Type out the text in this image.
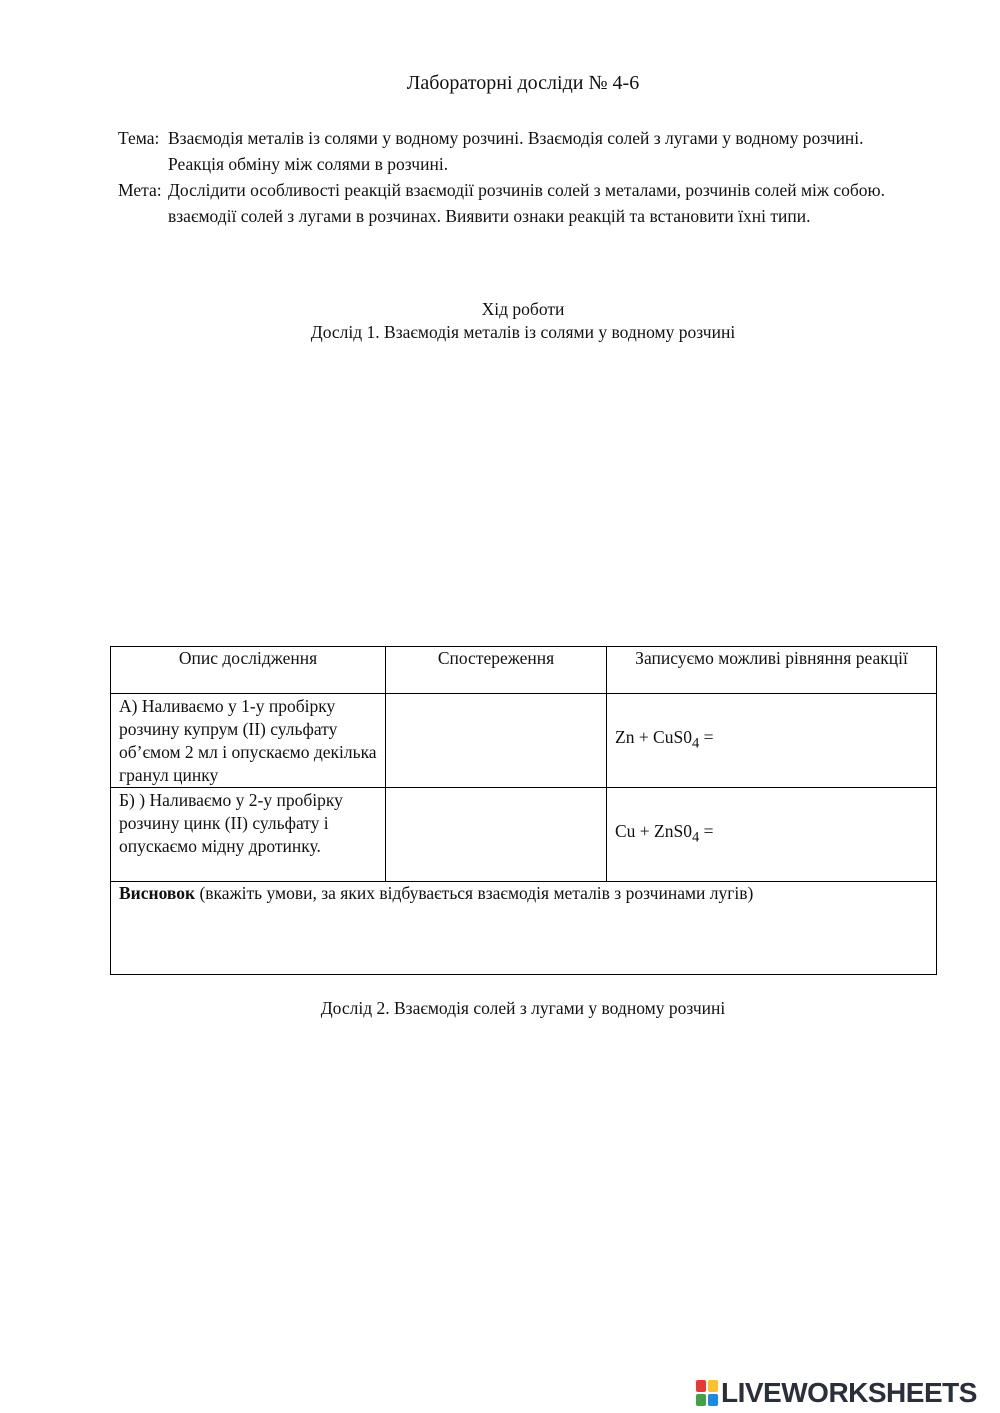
Лабораторні досліди № 4-6
Тема: Взаємодія металів із солями у водному розчині. Взаємодія солей з лугами у водному розчині. Реакція обміну між солями в розчині.
Мета: Дослідити особливості реакцій взаємодії розчинів солей з металами, розчинів солей між собою. взаємодії солей з лугами в розчинах. Виявити ознаки реакцій та встановити їхні типи.
Хід роботи
Дослід 1. Взаємодія металів із солями у водному розчині
Опис дослідження	Спостереження	Записуємо можливі рівняння реакції
А) Наливаємо у 1-у пробірку розчину купрум (ІІ) сульфату об’ємом 2 мл і опускаємо декілька гранул цинку		$Zn + CuS0_4$ =
Б) ) Наливаємо у 2-у пробірку розчину цинк (ІІ) сульфату і опускаємо мідну дротинку.		$Cu + ZnS0_4$ =
Висновок (вкажіть умови, за яких відбувається взаємодія металів з розчинами лугів)		
Дослід 2. Взаємодія солей з лугами у водному розчині
LIVEWORKSHEETS
